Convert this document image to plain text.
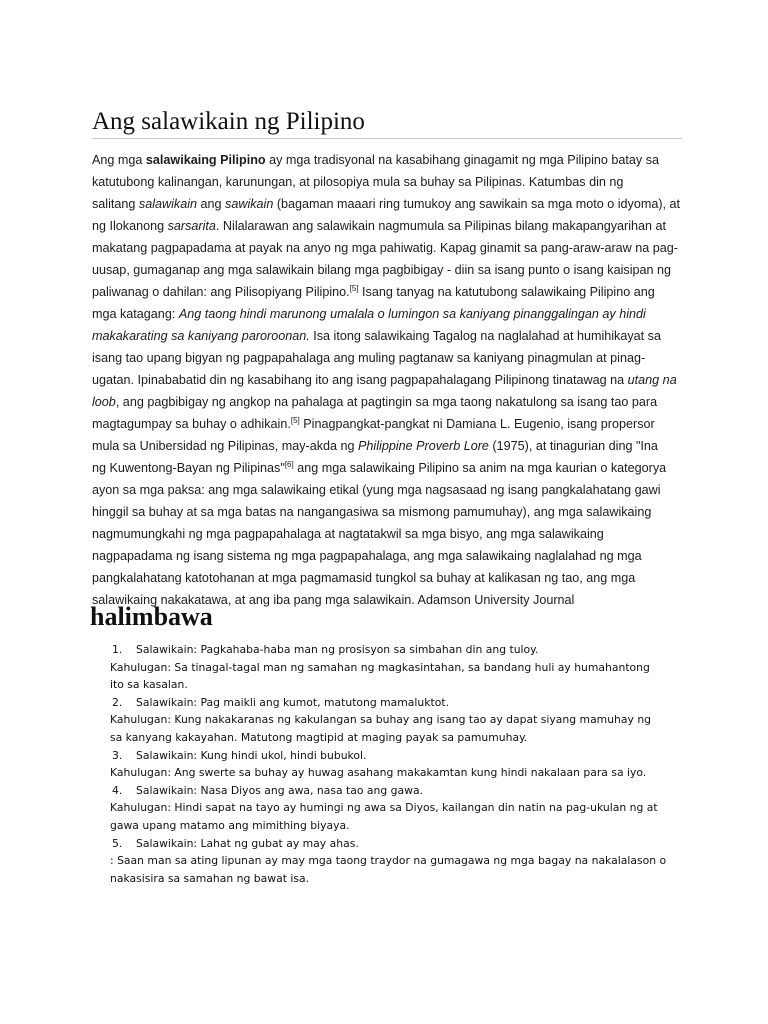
Ang salawikain ng Pilipino
Ang mga salawikaing Pilipino ay mga tradisyonal na kasabihang ginagamit ng mga Pilipino batay sa
katutubong kalinangan, karunungan, at pilosopiya mula sa buhay sa Pilipinas. Katumbas din ng
salitang salawikain ang sawikain (bagaman maaari ring tumukoy ang sawikain sa mga moto o idyoma), at
ng Ilokanong sarsarita. Nilalarawan ang salawikain nagmumula sa Pilipinas bilang makapangyarihan at
makatang pagpapadama at payak na anyo ng mga pahiwatig. Kapag ginamit sa pang-araw-araw na pag-
uusap, gumaganap ang mga salawikain bilang mga pagbibigay - diin sa isang punto o isang kaisipan ng
paliwanag o dahilan: ang Pilisopiyang Pilipino.[5] Isang tanyag na katutubong salawikaing Pilipino ang
mga katagang: Ang taong hindi marunong umalala o lumingon sa kaniyang pinanggalingan ay hindi
makakarating sa kaniyang paroroonan. Isa itong salawikaing Tagalog na naglalahad at humihikayat sa
isang tao upang bigyan ng pagpapahalaga ang muling pagtanaw sa kaniyang pinagmulan at pinag-
ugatan. Ipinababatid din ng kasabihang ito ang isang pagpapahalagang Pilipinong tinatawag na utang na
loob, ang pagbibigay ng angkop na pahalaga at pagtingin sa mga taong nakatulong sa isang tao para
magtagumpay sa buhay o adhikain.[5] Pinagpangkat-pangkat ni Damiana L. Eugenio, isang propersor
mula sa Unibersidad ng Pilipinas, may-akda ng Philippine Proverb Lore (1975), at tinagurian ding "Ina
ng Kuwentong-Bayan ng Pilipinas"[6] ang mga salawikaing Pilipino sa anim na mga kaurian o kategorya
ayon sa mga paksa: ang mga salawikaing etikal (yung mga nagsasaad ng isang pangkalahatang gawi
hinggil sa buhay at sa mga batas na nangangasiwa sa mismong pamumuhay), ang mga salawikaing
nagmumungkahi ng mga pagpapahalaga at nagtatakwil sa mga bisyo, ang mga salawikaing
nagpapadama ng isang sistema ng mga pagpapahalaga, ang mga salawikaing naglalahad ng mga
pangkalahatang katotohanan at mga pagmamasid tungkol sa buhay at kalikasan ng tao, ang mga
salawikaing nakakatawa, at ang iba pang mga salawikain. Adamson University Journal
halimbawa
1. Salawikain: Pagkahaba-haba man ng prosisyon sa simbahan din ang tuloy.
Kahulugan: Sa tinagal-tagal man ng samahan ng magkasintahan, sa bandang huli ay humahantong
ito sa kasalan.
2. Salawikain: Pag maikli ang kumot, matutong mamaluktot.
Kahulugan: Kung nakakaranas ng kakulangan sa buhay ang isang tao ay dapat siyang mamuhay ng
sa kanyang kakayahan. Matutong magtipid at maging payak sa pamumuhay.
3. Salawikain: Kung hindi ukol, hindi bubukol.
Kahulugan: Ang swerte sa buhay ay huwag asahang makakamtan kung hindi nakalaan para sa iyo.
4. Salawikain: Nasa Diyos ang awa, nasa tao ang gawa.
Kahulugan: Hindi sapat na tayo ay humingi ng awa sa Diyos, kailangan din natin na pag-ukulan ng at
gawa upang matamo ang mimithing biyaya.
5. Salawikain: Lahat ng gubat ay may ahas.
: Saan man sa ating lipunan ay may mga taong traydor na gumagawa ng mga bagay na nakalalason o
nakasisira sa samahan ng bawat isa.
